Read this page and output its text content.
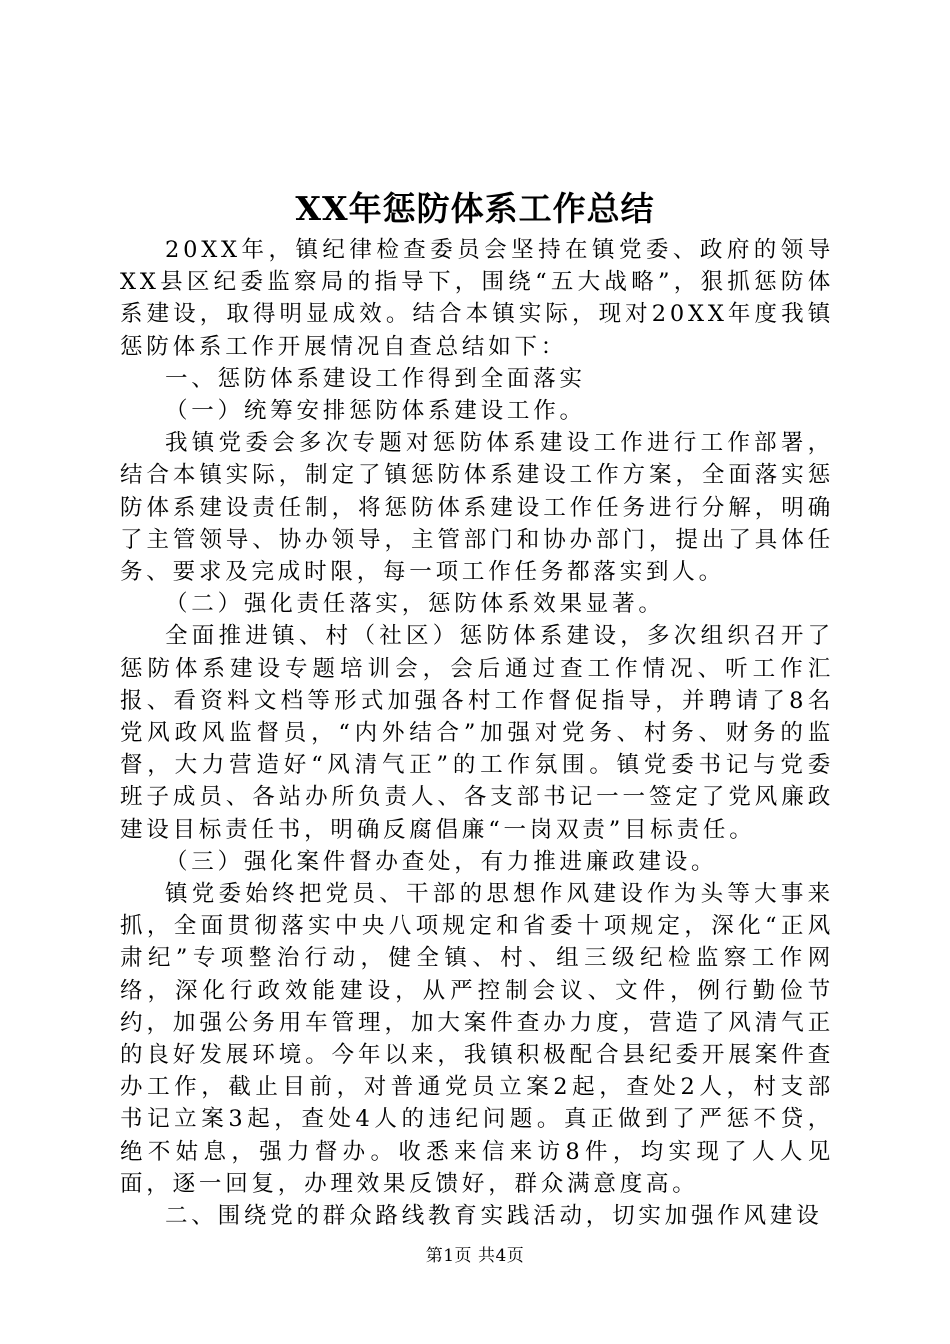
XX年惩防体系工作总结

20XX年，镇纪律检查委员会坚持在镇党委、政府的领导XX县区纪委监察局的指导下，围绕“五大战略”，狠抓惩防体系建设，取得明显成效。结合本镇实际，现对20XX年度我镇惩防体系工作开展情况自查总结如下：

一、惩防体系建设工作得到全面落实

（一）统筹安排惩防体系建设工作。

我镇党委会多次专题对惩防体系建设工作进行工作部署，结合本镇实际，制定了镇惩防体系建设工作方案，全面落实惩防体系建设责任制，将惩防体系建设工作任务进行分解，明确了主管领导、协办领导，主管部门和协办部门，提出了具体任务、要求及完成时限，每一项工作任务都落实到人。

（二）强化责任落实，惩防体系效果显著。

全面推进镇、村（社区）惩防体系建设，多次组织召开了惩防体系建设专题培训会，会后通过查工作情况、听工作汇报、看资料文档等形式加强各村工作督促指导，并聘请了8名党风政风监督员，“内外结合”加强对党务、村务、财务的监督，大力营造好“风清气正”的工作氛围。镇党委书记与党委班子成员、各站办所负责人、各支部书记一一签定了党风廉政建设目标责任书，明确反腐倡廉“一岗双责”目标责任。

（三）强化案件督办查处，有力推进廉政建设。

镇党委始终把党员、干部的思想作风建设作为头等大事来抓，全面贯彻落实中央八项规定和省委十项规定，深化“正风肃纪”专项整治行动，健全镇、村、组三级纪检监察工作网络，深化行政效能建设，从严控制会议、文件，例行勤俭节约，加强公务用车管理，加大案件查办力度，营造了风清气正的良好发展环境。今年以来，我镇积极配合县纪委开展案件查办工作，截止目前，对普通党员立案2起，查处2人，村支部书记立案3起，查处4人的违纪问题。真正做到了严惩不贷，绝不姑息，强力督办。收悉来信来访8件，均实现了人人见面，逐一回复，办理效果反馈好，群众满意度高。

二、围绕党的群众路线教育实践活动，切实加强作风建设

第1页 共4页
